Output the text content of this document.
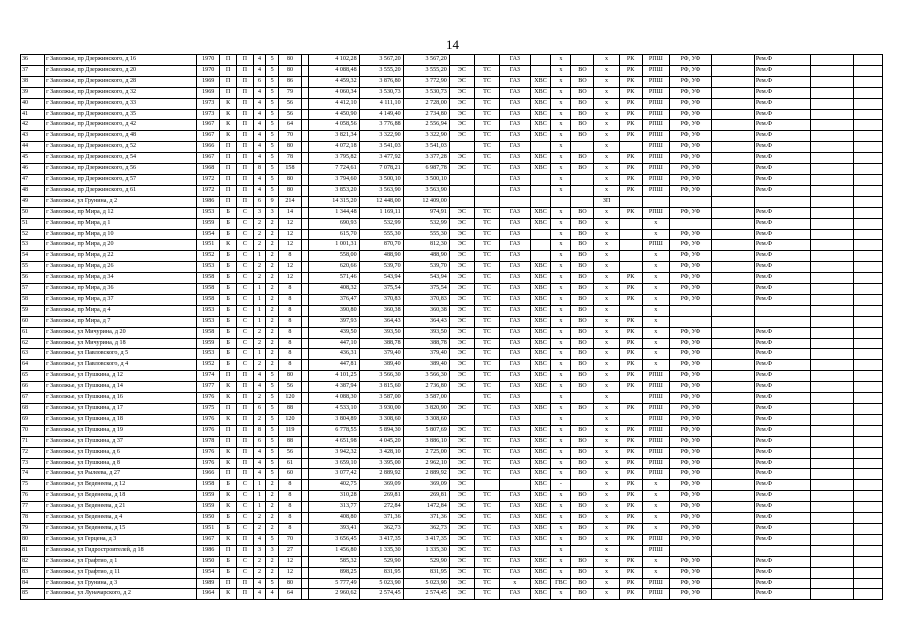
14
36	г Заволжье, пр Дзержинского, д 16	1970	П	П	4	5	80		4 102,28	3 567,20	3 567,20			ГАЗ		x		x	РК	РПШ	РФ, УФ		Рем.Ф		
37	г Заволжье, пр Дзержинского, д 20	1970	П	П	4	5	80		4 088,48	3 555,20	3 555,20	ЭС	ТС	ГАЗ		x	ВО	x	РК	РПШ	РФ, УФ		Рем.Ф		
38	г Заволжье, пр Дзержинского, д 28	1969	П	П	6	5	86		4 459,32	3 876,80	3 772,90	ЭС	ТС	ГАЗ	ХВС	x	ВО	x	РК	РПШ	РФ, УФ		Рем.Ф		
39	г Заволжье, пр Дзержинского, д 32	1969	П	П	4	5	79		4 060,34	3 530,73	3 530,73	ЭС	ТС	ГАЗ	ХВС	x	ВО	x	РК	РПШ	РФ, УФ		Рем.Ф		
40	г Заволжье, пр Дзержинского, д 33	1973	К	П	4	5	56		4 412,10	4 111,10	2 728,00	ЭС	ТС	ГАЗ	ХВС	x	ВО	x	РК	РПШ	РФ, УФ		Рем.Ф		
41	г Заволжье, пр Дзержинского, д 35	1973	К	П	4	5	56		4 450,90	4 149,40	2 734,80	ЭС	ТС	ГАЗ	ХВС	x	ВО	x	РК	РПШ	РФ, УФ		Рем.Ф		
42	г Заволжье, пр Дзержинского, д 42	1967	К	П	4	5	64		4 058,56	3 776,88	2 556,94	ЭС	ТС	ГАЗ	ХВС	x	ВО	x	РК	РПШ	РФ, УФ		Рем.Ф		
43	г Заволжье, пр Дзержинского, д 48	1967	К	П	4	5	70		3 821,34	3 322,90	3 322,90	ЭС	ТС	ГАЗ	ХВС	x	ВО	x	РК	РПШ	РФ, УФ		Рем.Ф		
44	г Заволжье, пр Дзержинского, д 52	1966	П	П	4	5	80		4 072,18	3 541,03	3 541,03		ТС	ГАЗ		x		x		РПШ	РФ, УФ		Рем.Ф		
45	г Заволжье, пр Дзержинского, д 54	1967	П	П	4	5	78		3 795,82	3 477,92	3 377,28	ЭС	ТС	ГАЗ	ХВС	x	ВО	x	РК	РПШ	РФ, УФ		Рем.Ф		
46	г Заволжье, пр Дзержинского, д 56	1968	П	П	8	5	158		7 724,61	7 078,21	6 987,78	ЭС	ТС	ГАЗ	ХВС	x	ВО	x	РК	РПШ	РФ, УФ		Рем.Ф		
47	г Заволжье, пр Дзержинского, д 57	1972	П	П	4	5	80		3 794,60	3 500,10	3 500,10			ГАЗ		x		x	РК	РПШ	РФ, УФ		Рем.Ф		
48	г Заволжье, пр Дзержинского, д 61	1972	П	П	4	5	80		3 853,20	3 563,90	3 563,90			ГАЗ		x		x	РК	РПШ	РФ, УФ		Рем.Ф		
49	г Заволжье, ул Грунина, д 2	1986	П	П	6	9	214		14 315,20	12 448,00	12 409,00							ЗП							
50	г Заволжье, пр Мира, д 12	1953	Б	С	3	3	14		1 344,48	1 169,11	974,91	ЭС	ТС	ГАЗ	ХВС	x	ВО	x	РК	РПШ	РФ, УФ		Рем.Ф		
51	г Заволжье, пр Мира, д 1	1959	Б	С	2	2	12		690,93	532,99	532,99	ЭС	ТС	ГАЗ	ХВС	x	ВО	x		x			Рем.Ф		
52	г Заволжье, пр Мира, д 10	1954	Б	С	2	2	12		615,70	555,30	555,30	ЭС	ТС	ГАЗ		x	ВО	x		x	РФ, УФ		Рем.Ф		
53	г Заволжье, пр Мира, д 20	1951	К	С	2	2	12		1 001,31	870,70	812,30	ЭС	ТС	ГАЗ		x	ВО	x		РПШ	РФ, УФ		Рем.Ф		
54	г Заволжье, пр Мира, д 22	1952	Б	С	1	2	8		558,00	488,90	488,90	ЭС	ТС	ГАЗ		x	ВО	x		x	РФ, УФ		Рем.Ф		
55	г Заволжье, пр Мира, д 26	1953	Б	С	2	2	12		620,66	539,70	539,70	ЭС	ТС	ГАЗ	ХВС	x	ВО	x		x	РФ, УФ		Рем.Ф		
56	г Заволжье, пр Мира, д 34	1958	Б	С	2	2	12		571,46	543,94	543,94	ЭС	ТС	ГАЗ	ХВС	x	ВО	x	РК	x	РФ, УФ		Рем.Ф		
57	г Заволжье, пр Мира, д 36	1958	Б	С	1	2	8		408,32	375,54	375,54	ЭС	ТС	ГАЗ	ХВС	x	ВО	x	РК	x	РФ, УФ		Рем.Ф		
58	г Заволжье, пр Мира, д 37	1958	Б	С	1	2	8		376,47	370,83	370,83	ЭС	ТС	ГАЗ	ХВС	x	ВО	x	РК	x	РФ, УФ		Рем.Ф		
59	г Заволжье, пр Мира, д 4	1953	Б	С	1	2	8		390,80	360,38	360,38	ЭС	ТС	ГАЗ	ХВС	x	ВО	x		x					
60	г Заволжье, пр Мира, д 7	1953	Б	С	1	2	8		397,93	364,43	364,43	ЭС	ТС	ГАЗ	ХВС	x	ВО	x	РК	x					
61	г Заволжье, ул Мичурина, д 20	1958	Б	С	2	2	8		439,50	393,50	393,50	ЭС	ТС	ГАЗ	ХВС	x	ВО	x	РК	x	РФ, УФ		Рем.Ф		
62	г Заволжье, ул Мичурина, д 18	1959	Б	С	2	2	8		447,10	388,78	388,78	ЭС	ТС	ГАЗ	ХВС	x	ВО	x	РК	x	РФ, УФ		Рем.Ф		
63	г Заволжье, ул Павловского, д 5	1953	Б	С	1	2	8		436,31	379,40	379,40	ЭС	ТС	ГАЗ	ХВС	x	ВО	x	РК	x	РФ, УФ		Рем.Ф		
64	г Заволжье, ул Павловского, д 4	1952	Б	С	2	2	8		447,81	389,40	389,40	ЭС	ТС	ГАЗ	ХВС	x	ВО	x	РК	x	РФ, УФ		Рем.Ф		
65	г Заволжье, ул Пушкина, д 12	1974	П	П	4	5	80		4 101,25	3 566,30	3 566,30	ЭС	ТС	ГАЗ	ХВС	x	ВО	x	РК	РПШ	РФ, УФ		Рем.Ф		
66	г Заволжье, ул Пушкина, д 14	1977	К	П	4	5	56		4 387,94	3 815,60	2 736,80	ЭС	ТС	ГАЗ	ХВС	x	ВО	x	РК	РПШ	РФ, УФ		Рем.Ф		
67	г Заволжье, ул Пушкина, д 16	1976	К	П	2	5	120		4 088,30	3 587,00	3 587,00		ТС	ГАЗ		x		x		РПШ	РФ, УФ		Рем.Ф		
68	г Заволжье, ул Пушкина, д 17	1975	П	П	6	5	88		4 533,10	3 930,00	3 820,90	ЭС	ТС	ГАЗ	ХВС	x	ВО	x	РК	РПШ	РФ, УФ		Рем.Ф		
69	г Заволжье, ул Пушкина, д 18	1976	К	П	2	5	120		3 804,89	3 308,60	3 308,60			ГАЗ		x		x		РПШ	РФ, УФ		Рем.Ф		
70	г Заволжье, ул Пушкина, д 19	1976	П	П	8	5	119		6 778,55	5 894,30	5 807,69	ЭС	ТС	ГАЗ	ХВС	x	ВО	x	РК	РПШ	РФ, УФ		Рем.Ф		
71	г Заволжье, ул Пушкина, д 37	1978	П	П	6	5	88		4 651,98	4 045,20	3 886,10	ЭС	ТС	ГАЗ	ХВС	x	ВО	x	РК	РПШ	РФ, УФ		Рем.Ф		
72	г Заволжье, ул Пушкина, д 6	1976	К	П	4	5	56		3 942,32	3 428,10	2 725,00	ЭС	ТС	ГАЗ	ХВС	x	ВО	x	РК	РПШ	РФ, УФ		Рем.Ф		
73	г Заволжье, ул Пушкина, д 8	1976	К	П	4	5	61		3 659,10	3 395,00	2 962,10	ЭС	ТС	ГАЗ	ХВС	x	ВО	x	РК	РПШ	РФ, УФ		Рем.Ф		
74	г Заволжье, ул Рылеева, д 27	1966	П	П	4	5	60		3 077,42	2 889,92	2 889,92	ЭС	ТС	ГАЗ	ХВС	x	ВО	x	РК	РПШ	РФ, УФ		Рем.Ф		
75	г Заволжье, ул Веденеева, д 12	1958	Б	С	1	2	8		402,75	369,09	369,09	ЭС			ХВС	-		x	РК	x	РФ, УФ		Рем.Ф		
76	г Заволжье, ул Веденеева, д 18	1959	К	С	1	2	8		310,28	269,81	269,81	ЭС	ТС	ГАЗ	ХВС	x	ВО	x	РК	x	РФ, УФ		Рем.Ф		
77	г Заволжье, ул Веденеева, д 21	1959	К	С	1	2	8		313,77	272,84	1472,84	ЭС	ТС	ГАЗ	ХВС	x	ВО	x	РК	x	РФ, УФ		Рем.Ф		
78	г Заволжье, ул Веденеева, д 4	1950	Б	С	2	2	8		408,80	371,36	371,36	ЭС	ТС	ГАЗ	ХВС	x	ВО	x	РК	x	РФ, УФ		Рем.Ф		
79	г Заволжье, ул Веденеева, д 15	1951	Б	С	2	2	8		393,41	362,73	362,73	ЭС	ТС	ГАЗ	ХВС	x	ВО	x	РК	x	РФ, УФ		Рем.Ф		
80	г Заволжье, ул Герцена, д 3	1967	К	П	4	5	70		3 656,45	3 417,35	3 417,35	ЭС	ТС	ГАЗ	ХВС	x	ВО	x	РК	РПШ	РФ, УФ		Рем.Ф		
81	г Заволжье, ул Гидростроителей, д 18	1986	П	П	3	3	27		1 456,80	1 335,30	1 335,30	ЭС	ТС	ГАЗ		x		x		РПШ					
82	г Заволжье, ул Графтио, д 1	1950	Б	С	2	2	12		585,32	529,90	529,90	ЭС	ТС	ГАЗ	ХВС	x	ВО	x	РК	x	РФ, УФ		Рем.Ф		
83	г Заволжье, ул Графтио, д 11	1954	Б	С	2	2	12		898,25	831,95	831,95	ЭС	ТС	ГАЗ	ХВС	x	ВО	x	РК	x	РФ, УФ		Рем.Ф		
84	г Заволжье, ул Грунина, д 3	1989	П	П	4	5	80		5 777,49	5 023,90	5 023,90	ЭС	ТС	x	ХВС	ГВС	ВО	x	РК	РПШ	РФ, УФ		Рем.Ф		
85	г Заволжье, ул Луначарского, д 2	1964	К	П	4	4	64		2 960,62	2 574,45	2 574,45	ЭС	ТС	ГАЗ	ХВС	x	ВО	x	РК	РПШ	РФ, УФ		Рем.Ф		
